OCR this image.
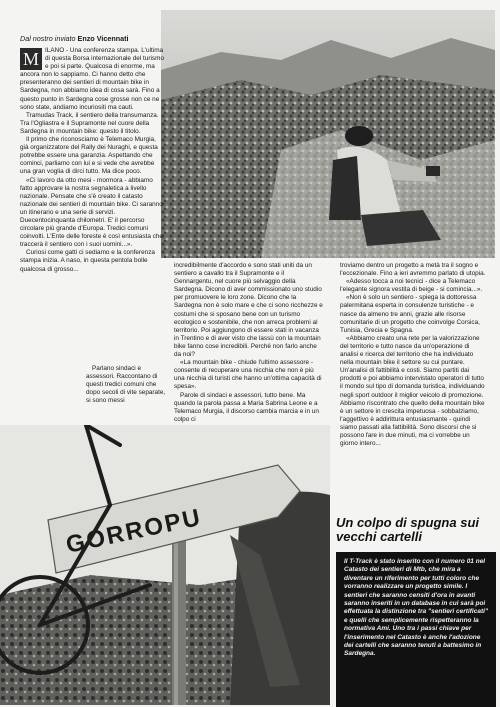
Dal nostro inviato Enzo Vicennati

M ILANO - Una conferenza stampa. L'ultima di questa Borsa internazionale del turismo e poi si parte. Qualcosa di enorme, ma ancora non lo sappiamo. Ci hanno detto che presenteranno dei sentieri di mountain bike in Sardegna, non abbiamo idea di cosa sarà. Fino a questo punto in Sardegna cose grosse non ce ne sono state, andiamo incuriositi ma cauti.

Tramudas Track, il sentiero della transumanza. Tra l'Ogliastra e il Supramonte nel cuore della Sardegna in mountain bike: questo il titolo.

Il primo che riconosciamo è Telemaco Murgia, già organizzatore del Rally dei Nuraghi, e questa potrebbe essere una garanzia. Aspettando che cominci, parliamo con lui e si vede che avrebbe una gran voglia di dirci tutto. Ma dice poco.

«Ci lavoro da otto mesi - mormora - abbiamo fatto approvare la nostra segnaletica a livello nazionale. Pensate che s'è creato il catasto nazionale dei sentieri di mountain bike. Ci saranno un itinerario e una serie di servizi. Duecentocinquanta chilometri. E' il percorso circolare più grande d'Europa. Tredici comuni coinvolti. L'Ente delle foreste è così entusiasta che traccerà il sentiero con i suoi uomini...».

Curiosi come gatti ci sediamo e la conferenza stampa inizia. A naso, in questa pentola bolle qualcosa di grosso...

Parlano sindaci e assessori. Raccontano di questi tredici comuni che dopo secoli di vite separate, si sono messi

incredibilmente d'accordo e sono stati uniti da un sentiero a cavallo tra il Supramonte e il Gennargentu, nel cuore più selvaggio della Sardegna. Dicono di aver commissionato uno studio per promuovere le loro zone. Dicono che la Sardegna non è solo mare e che ci sono ricchezze e costumi che si sposano bene con un turismo ecologico e sostenibile, che non arreca problemi al territorio. Poi aggiungono di essere stati in vacanza in Trentino e di aver visto che lassù con la mountain bike fanno cose incredibili. Perché non farlo anche da noi?

«La mountain bike - chiude l'ultimo assessore - consente di recuperare una nicchia che non è più una nicchia di turisti che hanno un'ottima capacità di spesa».

Parole di sindaci e assessori, tutto bene. Ma quando la parola passa a Maria Sabrina Leone e a Telemaco Murgia, il discorso cambia marcia e in un colpo ci

troviamo dentro un progetto a metà tra il sogno e l'eccezionale. Fino a ieri avremmo parlato di utopia.

«Adesso tocca a noi tecnici - dice a Telemaco l'elegante signora vestita di beige - si comincia...».

«Non è solo un sentiero - spiega la dottoressa palermitana esperta in consulenze turistiche - e nasce da almeno tre anni, grazie alle risorse comunitarie di un progetto che coinvolge Corsica, Tunisia, Grecia e Spagna.

«Abbiamo creato una rete per la valorizzazione del territorio e tutto nasce da un'operazione di analisi e ricerca del territorio che ha individuato nella mountain bike il settore su cui puntare. Un'analisi di fattibilità e costi. Siamo partiti dai prodotti e poi abbiamo intervistato operatori di tutto il mondo sul tipo di domanda turistica, individuando negli sport outdoor il miglior veicolo di promozione. Abbiamo riscontrato che quello della mountain bike è un settore in crescita impetuosa - sobbalziamo, l'aggettivo è addirittura entusiasmante - quindi siamo passati alla fattibilità. Sono discorsi che si possono fare in due minuti, ma ci vorrebbe un giorno intero...

GORROPU	Un colpo di spugna sui vecchi cartelli
Il T-Track è stato inserito con il numero 01 nel Catasto dei sentieri di Mtb, che mira a diventare un riferimento per tutti coloro che vorranno realizzare un progetto simile. I sentieri che saranno censiti d'ora in avanti saranno inseriti in un database in cui sarà poi effettuata la distinzione tra "sentieri certificati" e quelli che semplicemente rispetteranno la normativa Ami. Uno tra i passi chiave per l'inserimento nel Catasto è anche l'adozione dei cartelli che saranno tenuti a battesimo in Sardegna.
